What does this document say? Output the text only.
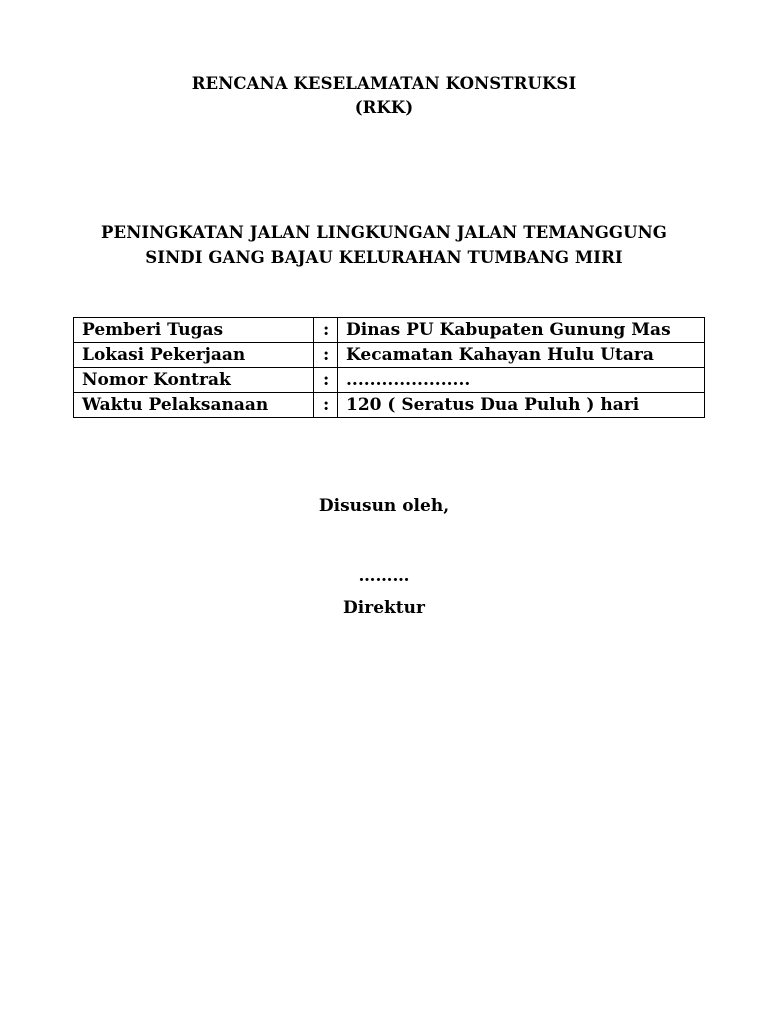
RENCANA KESELAMATAN KONSTRUKSI
(RKK)
PENINGKATAN JALAN LINGKUNGAN JALAN TEMANGGUNG
SINDI GANG BAJAU KELURAHAN TUMBANG MIRI
Pemberi Tugas	:	Dinas PU Kabupaten Gunung Mas
Lokasi Pekerjaan	:	Kecamatan Kahayan Hulu Utara
Nomor Kontrak	:	.....................
Waktu Pelaksanaan	:	120 ( Seratus Dua Puluh ) hari
Disusun oleh,
………
Direktur
